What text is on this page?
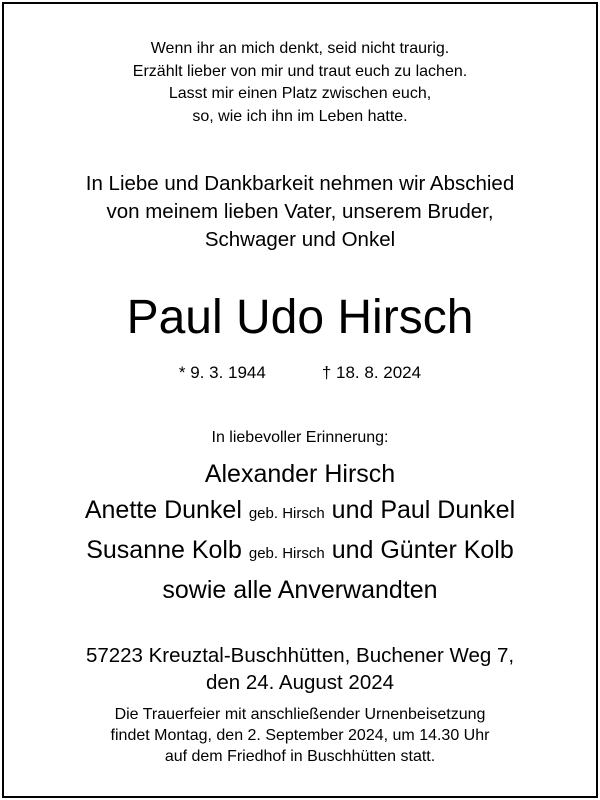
Wenn ihr an mich denkt, seid nicht traurig.
Erzählt lieber von mir und traut euch zu lachen.
Lasst mir einen Platz zwischen euch,
so, wie ich ihn im Leben hatte.
In Liebe und Dankbarkeit nehmen wir Abschied
von meinem lieben Vater, unserem Bruder,
Schwager und Onkel
Paul Udo Hirsch
* 9. 3. 1944	† 18. 8. 2024
In liebevoller Erinnerung:
Alexander Hirsch
Anette Dunkel geb. Hirsch und Paul Dunkel
Susanne Kolb geb. Hirsch und Günter Kolb
sowie alle Anverwandten
57223 Kreuztal-Buschhütten, Buchener Weg 7,
den 24. August 2024
Die Trauerfeier mit anschließender Urnenbeisetzung
findet Montag, den 2. September 2024, um 14.30 Uhr
auf dem Friedhof in Buschhütten statt.
